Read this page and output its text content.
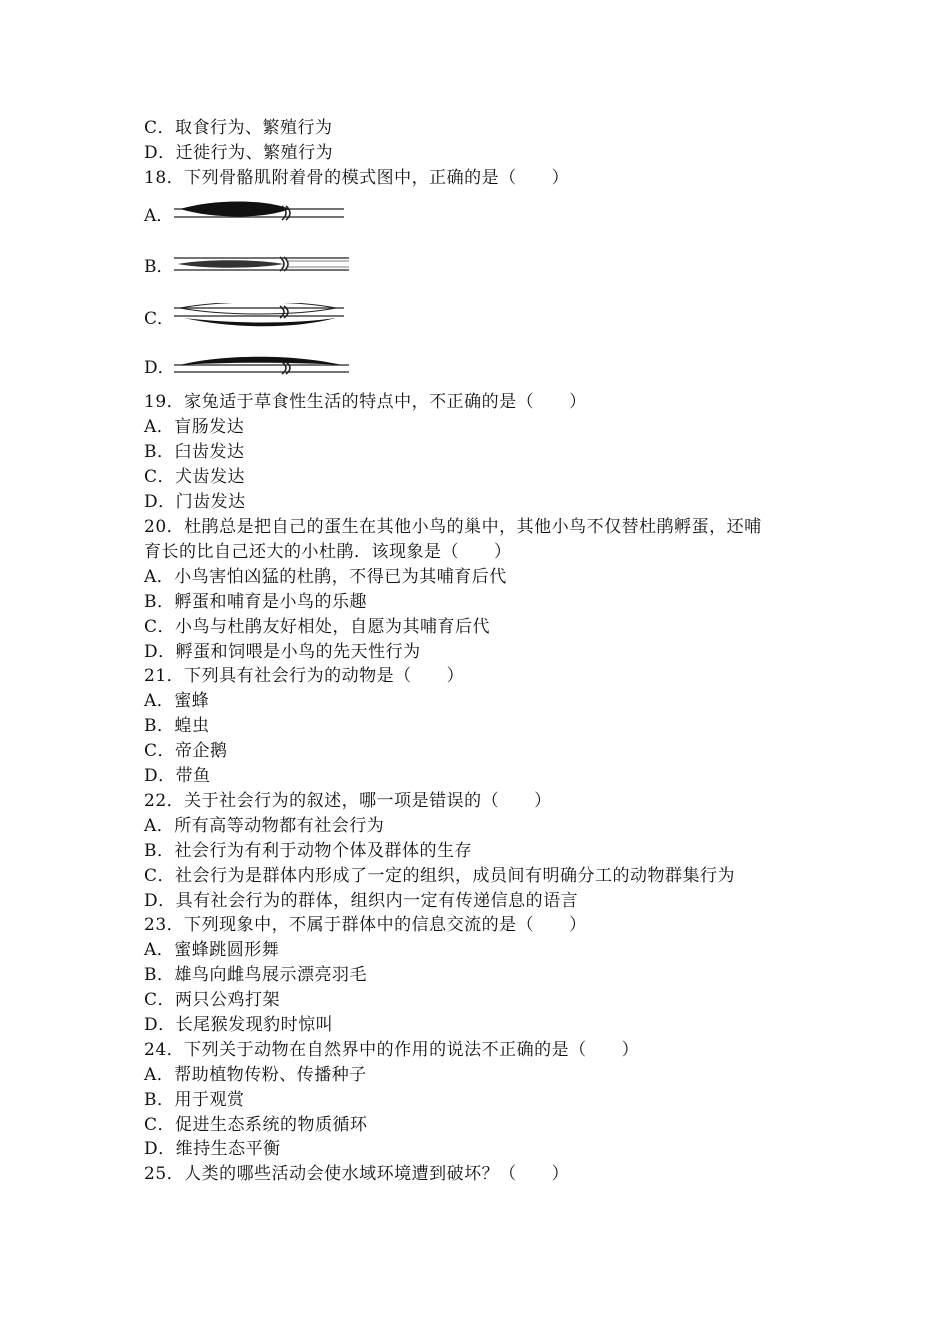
C．取食行为、繁殖行为
D．迁徙行为、繁殖行为
18．下列骨骼肌附着骨的模式图中，正确的是（　　）
A．
B．
C．
D．
19．家兔适于草食性生活的特点中，不正确的是（　　）
A．盲肠发达
B．臼齿发达
C．犬齿发达
D．门齿发达
20．杜鹃总是把自己的蛋生在其他小鸟的巢中，其他小鸟不仅替杜鹃孵蛋，还哺
育长的比自己还大的小杜鹃．该现象是（　　）
A．小鸟害怕凶猛的杜鹃，不得已为其哺育后代
B．孵蛋和哺育是小鸟的乐趣
C．小鸟与杜鹃友好相处，自愿为其哺育后代
D．孵蛋和饲喂是小鸟的先天性行为
21．下列具有社会行为的动物是（　　）
A．蜜蜂
B．蝗虫
C．帝企鹅
D．带鱼
22．关于社会行为的叙述，哪一项是错误的（　　）
A．所有高等动物都有社会行为
B．社会行为有利于动物个体及群体的生存
C．社会行为是群体内形成了一定的组织，成员间有明确分工的动物群集行为
D．具有社会行为的群体，组织内一定有传递信息的语言
23．下列现象中，不属于群体中的信息交流的是（　　）
A．蜜蜂跳圆形舞
B．雄鸟向雌鸟展示漂亮羽毛
C．两只公鸡打架
D．长尾猴发现豹时惊叫
24．下列关于动物在自然界中的作用的说法不正确的是（　　）
A．帮助植物传粉、传播种子
B．用于观赏
C．促进生态系统的物质循环
D．维持生态平衡
25．人类的哪些活动会使水域环境遭到破坏？（　　）
